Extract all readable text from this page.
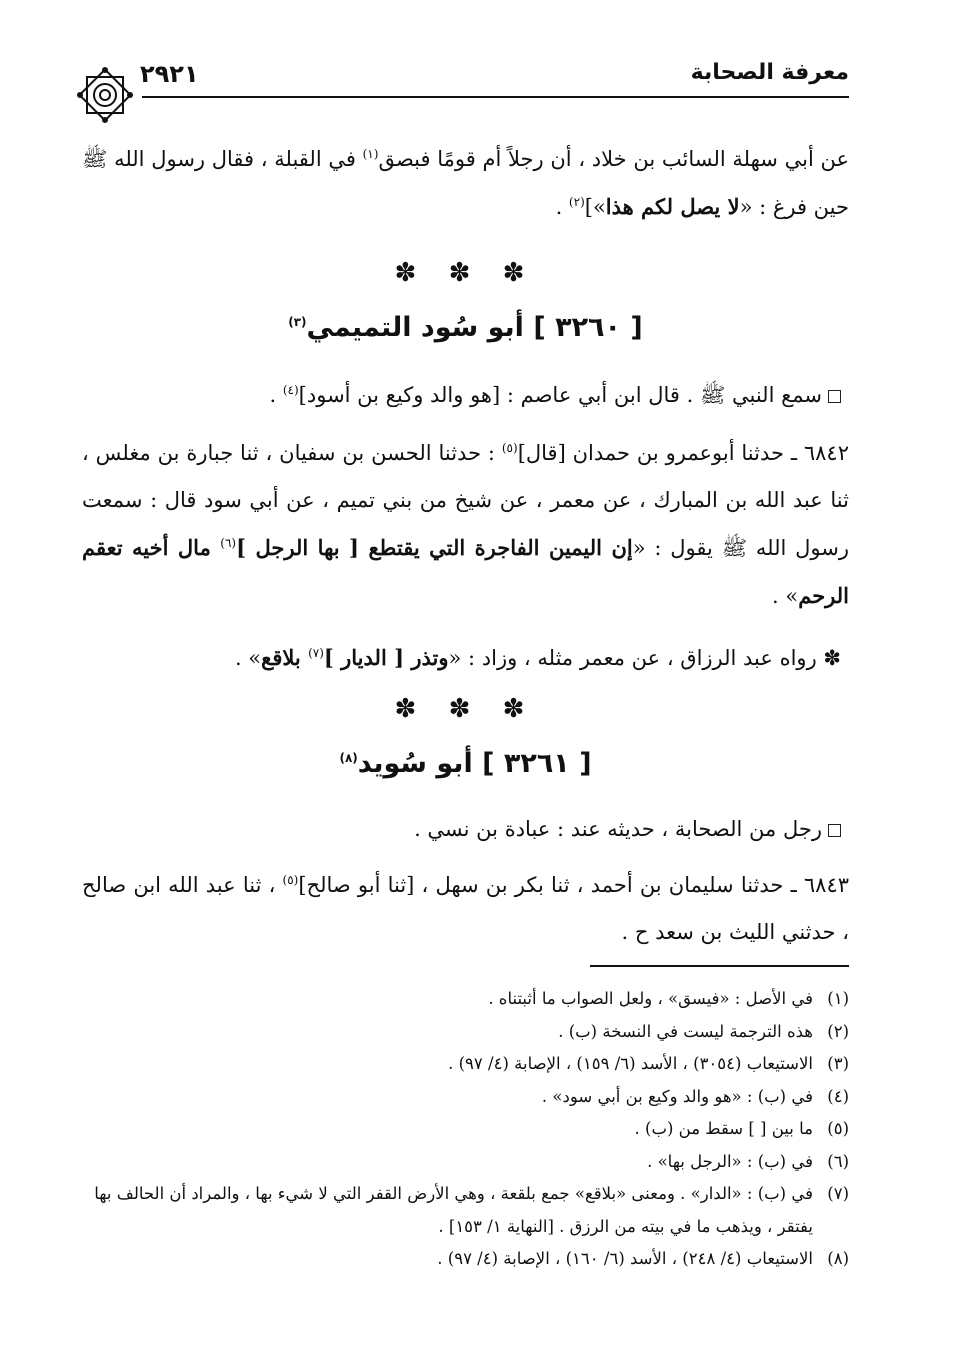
معرفة الصحابة
٢٩٢١
عن أبي سهلة السائب بن خلاد ، أن رجلاً أم قومًا فبصق$^{(١)}$ في القبلة ، فقال رسول الله ﷺ حين فرغ : «لا يصل لكم هذا»]$^{(٢)}$ .
✽ ✽ ✽
[ ٣٢٦٠ ] أبو سُود التميمي$^{(٣)}$
سمع النبي ﷺ . قال ابن أبي عاصم : [هو والد وكيع بن أسود]$^{(٤)}$ .
٦٨٤٢ ـ حدثنا أبوعمرو بن حمدان [قال]$^{(٥)}$ : حدثنا الحسن بن سفيان ، ثنا جبارة بن مغلس ، ثنا عبد الله بن المبارك ، عن معمر ، عن شيخ من بني تميم ، عن أبي سود قال : سمعت رسول الله ﷺ يقول : «إن اليمين الفاجرة التي يقتطع [ بها الرجل ]$^{(٦)}$ مال أخيه تعقم الرحم» .
✽ رواه عبد الرزاق ، عن معمر مثله ، وزاد : «وتذر [ الديار ]$^{(٧)}$ بلاقع» .
✽ ✽ ✽
[ ٣٢٦١ ] أبو سُويد$^{(٨)}$
رجل من الصحابة ، حديثه عند : عبادة بن نسي .
٦٨٤٣ ـ حدثنا سليمان بن أحمد ، ثنا بكر بن سهل ، [ثنا أبو صالح]$^{(٥)}$ ، ثنا عبد الله ابن صالح ، حدثني الليث بن سعد ح .
(١)
في الأصل : «فيسق» ، ولعل الصواب ما أثبتناه .
(٢)
هذه الترجمة ليست في النسخة (ب) .
(٣)
الاستيعاب (٣٠٥٤) ، الأسد (٦/ ١٥٩) ، الإصابة (٤/ ٩٧) .
(٤)
في (ب) : «هو والد وكيع بن أبي سود» .
(٥)
ما بين [ ] سقط من (ب) .
(٦)
في (ب) : «الرجل بها» .
(٧)
في (ب) : «الدار» . ومعنى «بلاقع» جمع بلقعة ، وهي الأرض القفر التي لا شيء بها ، والمراد أن الحالف بها يفتقر ، ويذهب ما في بيته من الرزق . [النهاية ١/ ١٥٣] .
(٨)
الاستيعاب (٤/ ٢٤٨) ، الأسد (٦/ ١٦٠) ، الإصابة (٤/ ٩٧) .
